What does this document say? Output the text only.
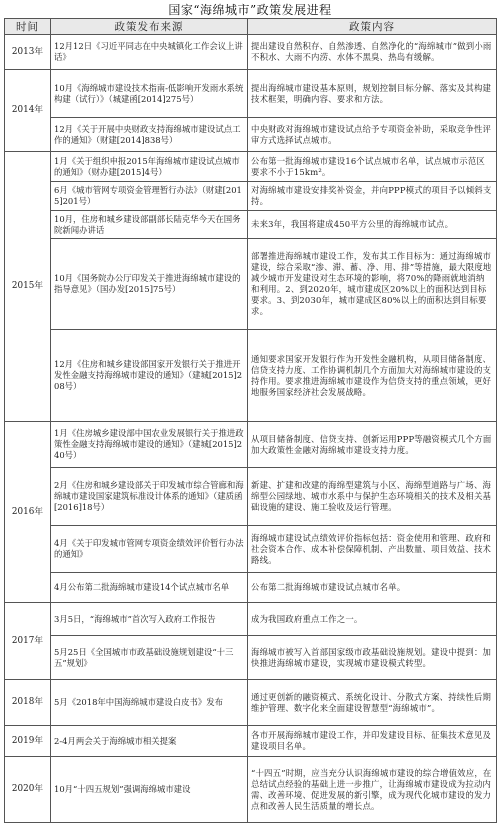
国家“海绵城市”政策发展进程
时间	政策发布来源	政策内容
2013年	12月12日《习近平同志在中央城镇化工作会议上讲话》	提出建设自然积存、自然渗透、自然净化的“海绵城市”做到小雨不积水、大雨不内涝、水体不黑臭、热岛有缓解。
2014年	10月《海绵城市建设技术指南-低影响开发雨水系统构建（试行）》（城建函[2014]275号）	提出海绵城市建设基本原则，规划控制目标分解、落实及其构建技术框架，明确内容、要求和方法。
	12月《关于开展中央财政支持海绵城市建设试点工作的通知》（财建[2014]838号）	中央财政对海绵城市建设试点给予专项资金补助，采取竞争性评审方式选择试点城市。
2015年	1月《关于组织申报2015年海绵城市建设试点城市的通知》（财办建[2015]4号）	公布第一批海绵城市建设16个试点城市名单，试点城市示范区要求不小于15km²。
	6月《城市管网专项资金管理暂行办法》（财建[2015]201号）	对海绵城市建设安排奖补资金，并向PPP模式的项目予以倾斜支持。
	10月，住房和城乡建设部副部长陆克华今天在国务院新闻办讲话	未来3年，我国将建成450平方公里的海绵城市试点。
	10月《国务院办公厅印发关于推进海绵城市建设的指导意见》（国办发[2015]75号）	部署推进海绵城市建设工作，发布其工作目标为：通过海绵城市建设，综合采取“渗、滞、蓄、净、用、排”等措施，最大限度地减少城市开发建设对生态环境的影响，将70%的降雨就地消纳和利用。2、到2020年，城市建成区20%以上的面积达到目标要求。3、到2030年，城市建成区80%以上的面积达到目标要求。
	12月《住房和城乡建设部国家开发银行关于推进开发性金融支持海绵城市建设的通知》（建城[2015]208号）	通知要求国家开发银行作为开发性金融机构，从项目储备制度、信贷支持力度、工作协调机制几个方面加大对海绵城市建设的支持作用。要求推进海绵城市建设作为信贷支持的重点领域，更好地服务国家经济社会发展战略。
2016年	1月《住房城乡建设部中国农业发展银行关于推进政策性金融支持海绵城市建设的通知》（建城[2015]240号）	从项目储备制度、信贷支持、创新运用PPP等融资模式几个方面加大政策性金融对海绵城市建设支持力度。
	2月《住房和城乡建设部关于印发城市综合管廊和海绵城市建设国家建筑标准设计体系的通知》（建质函[2016]18号）	新建、扩建和改建的海绵型建筑与小区、海绵型道路与广场、海绵型公园绿地、城市水系中与保护生态环境相关的技术及相关基础设施的建设、施工验收及运行管理。
	4月《关于印发城市管网专项资金绩效评价暂行办法的通知》	海绵城市建设试点绩效评价指标包括：资金使用和管理、政府和社会资本合作、成本补偿保障机制、产出数量、项目效益、技术路线。
	4月公布第二批海绵城市建设14个试点城市名单	公布第二批海绵城市建设试点城市名单。
2017年	3月5日，“海绵城市”首次写入政府工作报告	成为我国政府重点工作之一。
	5月25日《全国城市市政基础设施规划建设“十三五”规划》	海绵城市被写入首部国家级市政基础设施规划。建设中提到：加快推进海绵城市建设，实现城市建设模式转型。
2018年	5月《2018年中国海绵城市建设白皮书》发布	通过更创新的融资模式、系统化设计、分散式方案、持续性后期维护管理、数字化来全面建设智慧型“海绵城市”。
2019年	2-4月两会关于海绵城市相关提案	各市开展海绵城市建设工作，并印发建设目标、征集技术意见及建设项目名单。
2020年	10月“十四五规划”强调海绵城市建设	“十四五”时期，应当充分认识海绵城市建设的综合增值效应，在总结试点经验的基础上进一步推广，让海绵城市建设成为拉动内需、改善环境、促进发展的新引擎，成为现代化城市建设的发力点和改善人民生活质量的增长点。
